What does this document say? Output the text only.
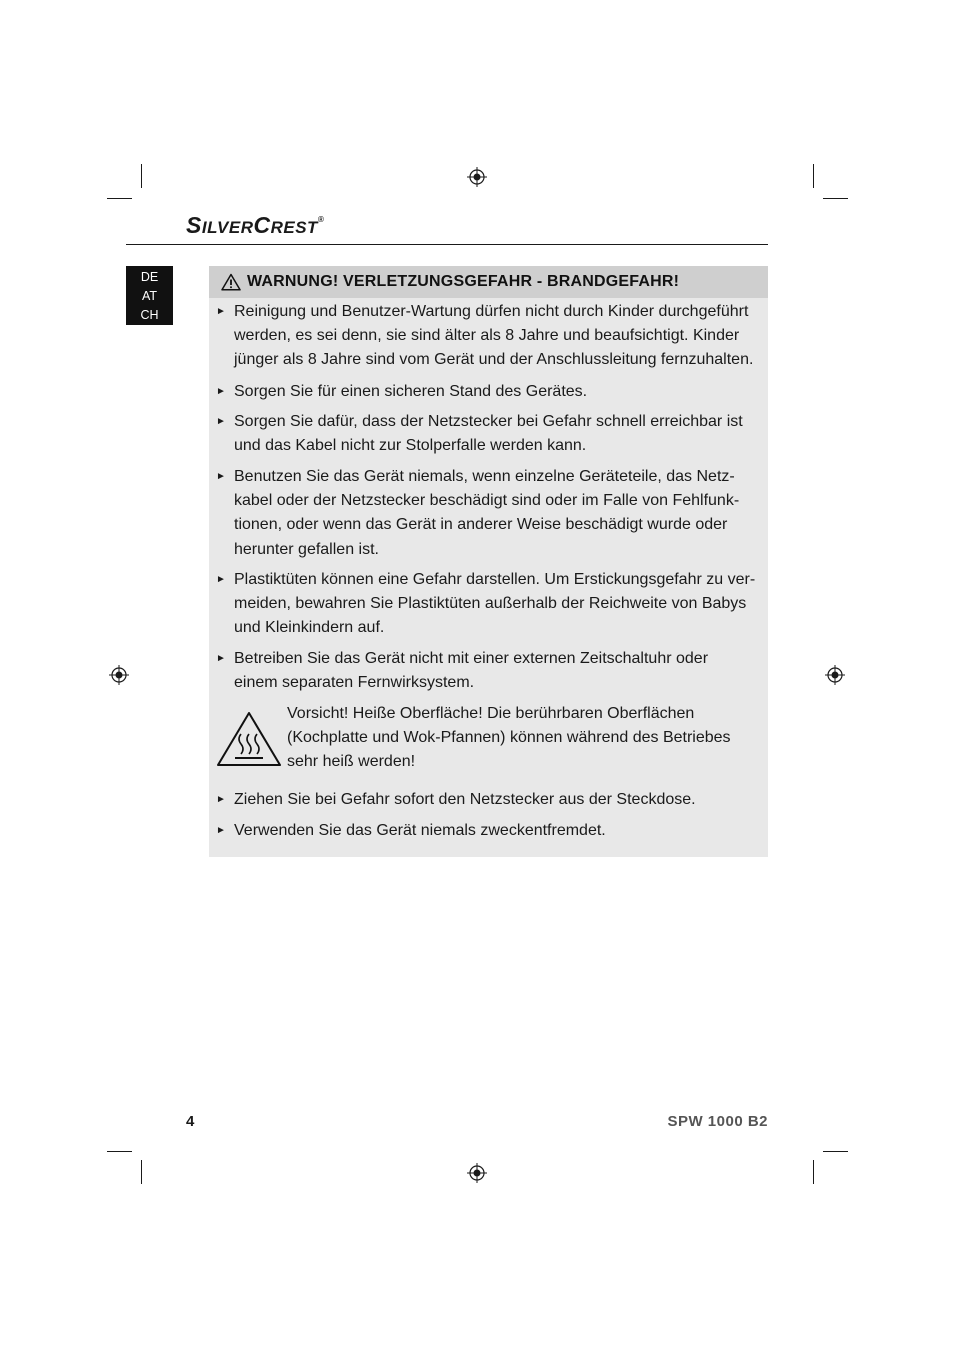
SILVERCREST®
DE
AT
CH
WARNUNG! VERLETZUNGSGEFAHR - BRANDGEFAHR!
Vorsicht! Heiße Oberfläche! Die berührbaren Oberflächen
(Kochplatte und Wok-Pfannen) können während des Betriebes
sehr heiß werden!
► Reinigung und Benutzer-Wartung dürfen nicht durch Kinder durchgeführt
werden, es sei denn, sie sind älter als 8 Jahre und beaufsichtigt. Kinder
jünger als 8 Jahre sind vom Gerät und der Anschlussleitung fernzuhalten.
► Sorgen Sie für einen sicheren Stand des Gerätes.
► Sorgen Sie dafür, dass der Netzstecker bei Gefahr schnell erreichbar ist
und das Kabel nicht zur Stolperfalle werden kann.
► Benutzen Sie das Gerät niemals, wenn einzelne Geräteteile, das Netz-
kabel oder der Netzstecker beschädigt sind oder im Falle von Fehlfunk-
tionen, oder wenn das Gerät in anderer Weise beschädigt wurde oder
herunter gefallen ist.
► Plastiktüten können eine Gefahr darstellen. Um Erstickungsgefahr zu ver-
meiden, bewahren Sie Plastiktüten außerhalb der Reichweite von Babys
und Kleinkindern auf.
► Betreiben Sie das Gerät nicht mit einer externen Zeitschaltuhr oder
einem separaten Fernwirksystem.
► Ziehen Sie bei Gefahr sofort den Netzstecker aus der Steckdose.
► Verwenden Sie das Gerät niemals zweckentfremdet.
4	SPW 1000 B2
